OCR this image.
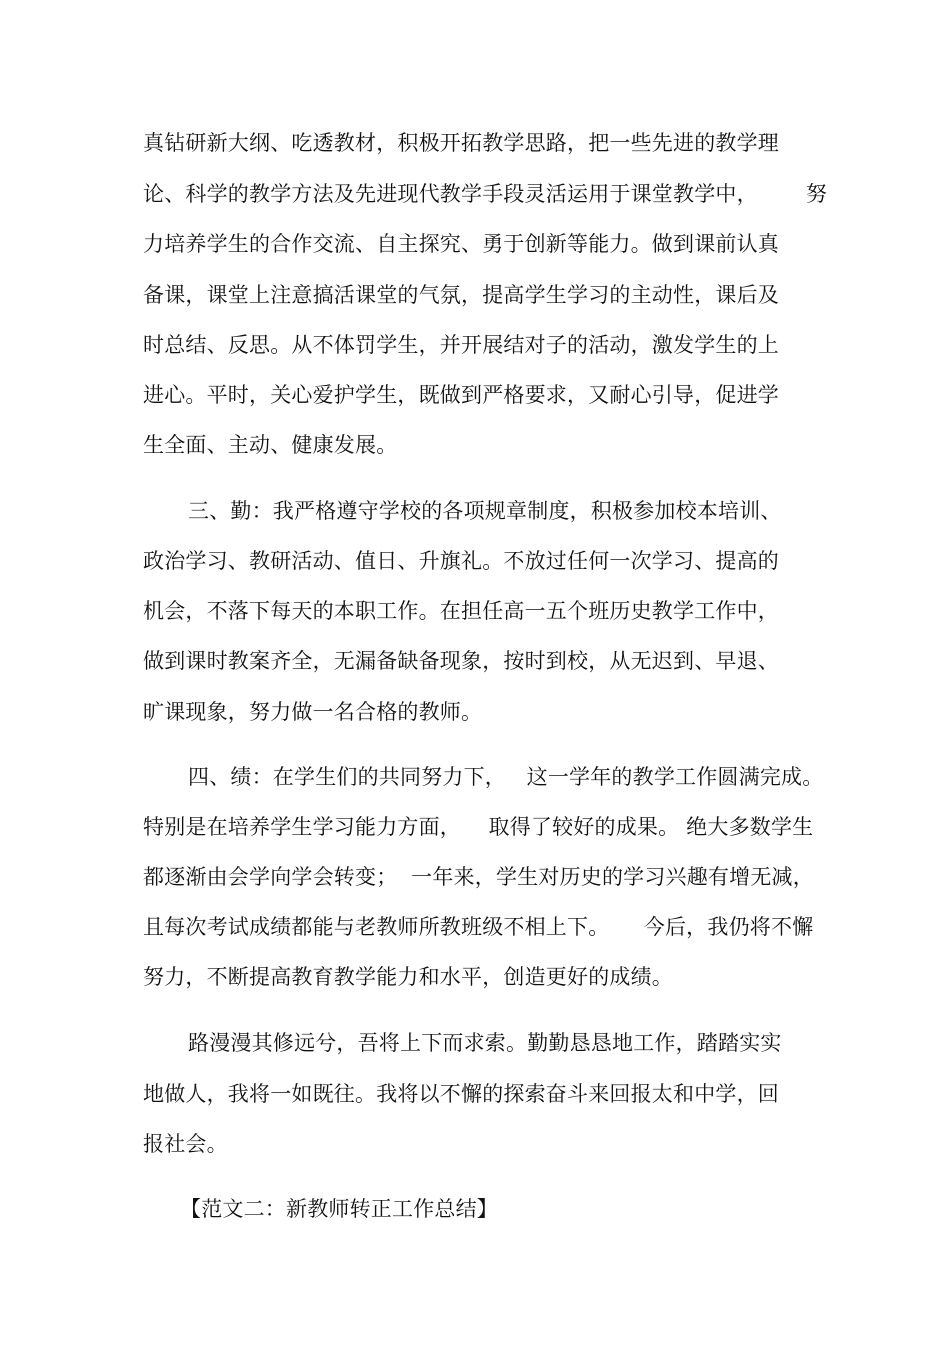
真钻研新大纲、吃透教材，积极开拓教学思路，把一些先进的教学理
论、科学的教学方法及先进现代教学手段灵活运用于课堂教学中，       努
力培养学生的合作交流、自主探究、勇于创新等能力。做到课前认真
备课，课堂上注意搞活课堂的气氛，提高学生学习的主动性，课后及
时总结、反思。从不体罚学生，并开展结对子的活动，激发学生的上
进心。平时，关心爱护学生，既做到严格要求，又耐心引导，促进学
生全面、主动、健康发展。
三、勤：我严格遵守学校的各项规章制度，积极参加校本培训、
政治学习、教研活动、值日、升旗礼。不放过任何一次学习、提高的
机会，不落下每天的本职工作。在担任高一五个班历史教学工作中，
做到课时教案齐全，无漏备缺备现象，按时到校，从无迟到、早退、
旷课现象，努力做一名合格的教师。
四、绩：在学生们的共同努力下，   这一学年的教学工作圆满完成。
特别是在培养学生学习能力方面，    取得了较好的成果。 绝大多数学生
都逐渐由会学向学会转变；  一年来，学生对历史的学习兴趣有增无减，
且每次考试成绩都能与老教师所教班级不相上下。     今后，我仍将不懈
努力，不断提高教育教学能力和水平，创造更好的成绩。
路漫漫其修远兮，吾将上下而求索。勤勤恳恳地工作，踏踏实实
地做人，我将一如既往。我将以不懈的探索奋斗来回报太和中学，回
报社会。
【范文二：新教师转正工作总结】
